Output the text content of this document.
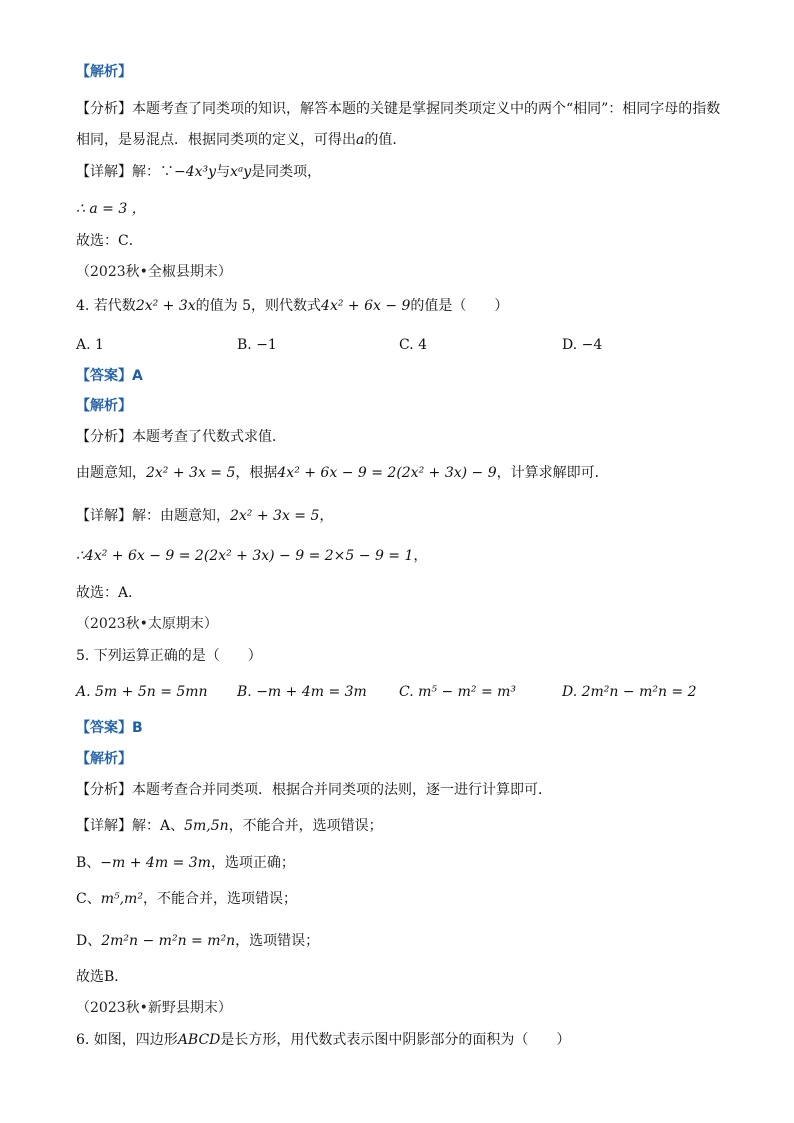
【解析】
【分析】本题考查了同类项的知识，解答本题的关键是掌握同类项定义中的两个“相同”：相同字母的指数相同，是易混点．根据同类项的定义，可得出a的值．
【详解】解：∵−4x³y与xᵃy是同类项，
∴ a = 3 ，
故选：C．
（2023秋•全椒县期末）
4. 若代数2x² + 3x的值为 5，则代数式4x² + 6x − 9的值是（　　）
A. 1	B. −1	C. 4	D. −4
【答案】A
【解析】
【分析】本题考查了代数式求值．
由题意知，2x² + 3x = 5，根据4x² + 6x − 9 = 2(2x² + 3x) − 9，计算求解即可．
【详解】解：由题意知，2x² + 3x = 5，
∴4x² + 6x − 9 = 2(2x² + 3x) − 9 = 2×5 − 9 = 1，
故选：A．
（2023秋•太原期末）
5. 下列运算正确的是（　　）
A. 5m + 5n = 5mn B. −m + 4m = 3m C. m⁵ − m² = m³	D. 2m²n − m²n = 2
【答案】B
【解析】
【分析】本题考查合并同类项．根据合并同类项的法则，逐一进行计算即可．
【详解】解：A、5m,5n，不能合并，选项错误；
B、−m + 4m = 3m，选项正确；
C、m⁵,m²，不能合并，选项错误；
D、2m²n − m²n = m²n，选项错误；
故选B．
（2023秋•新野县期末）
6. 如图，四边形ABCD是长方形，用代数式表示图中阴影部分的面积为（　　）
